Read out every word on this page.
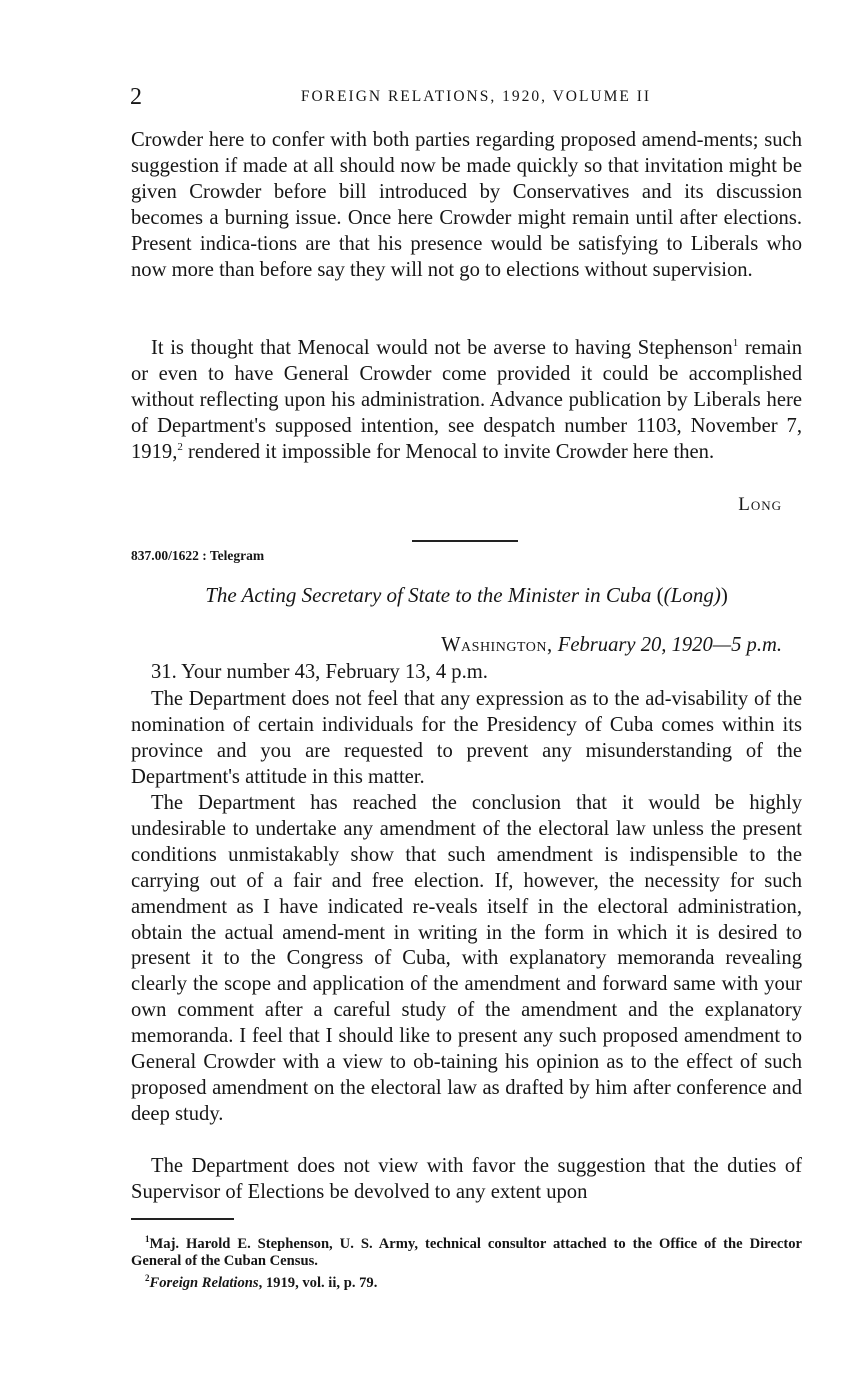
2	FOREIGN RELATIONS, 1920, VOLUME II

Crowder here to confer with both parties regarding proposed amend-ments; such suggestion if made at all should now be made quickly so that invitation might be given Crowder before bill introduced by Conservatives and its discussion becomes a burning issue. Once here Crowder might remain until after elections. Present indica-tions are that his presence would be satisfying to Liberals who now more than before say they will not go to elections without supervision.

It is thought that Menocal would not be averse to having Stephenson$^1$ remain or even to have General Crowder come provided it could be accomplished without reflecting upon his administration. Advance publication by Liberals here of Department's supposed intention, see despatch number 1103, November 7, 1919,$^2$ rendered it impossible for Menocal to invite Crowder here then.

Long
837.00/1622 : Telegram
The Acting Secretary of State to the Minister in Cuba ((Long))
Washington, February 20, 1920—5 p.m.

31. Your number 43, February 13, 4 p.m.

The Department does not feel that any expression as to the ad-visability of the nomination of certain individuals for the Presidency of Cuba comes within its province and you are requested to prevent any misunderstanding of the Department's attitude in this matter.

The Department has reached the conclusion that it would be highly undesirable to undertake any amendment of the electoral law unless the present conditions unmistakably show that such amendment is indispensible to the carrying out of a fair and free election. If, however, the necessity for such amendment as I have indicated re-veals itself in the electoral administration, obtain the actual amend-ment in writing in the form in which it is desired to present it to the Congress of Cuba, with explanatory memoranda revealing clearly the scope and application of the amendment and forward same with your own comment after a careful study of the amendment and the explanatory memoranda. I feel that I should like to present any such proposed amendment to General Crowder with a view to ob-taining his opinion as to the effect of such proposed amendment on the electoral law as drafted by him after conference and deep study.

The Department does not view with favor the suggestion that the duties of Supervisor of Elections be devolved to any extent upon

$^1$Maj. Harold E. Stephenson, U. S. Army, technical consultor attached to the Office of the Director General of the Cuban Census.

$^2$Foreign Relations, 1919, vol. ii, p. 79.
